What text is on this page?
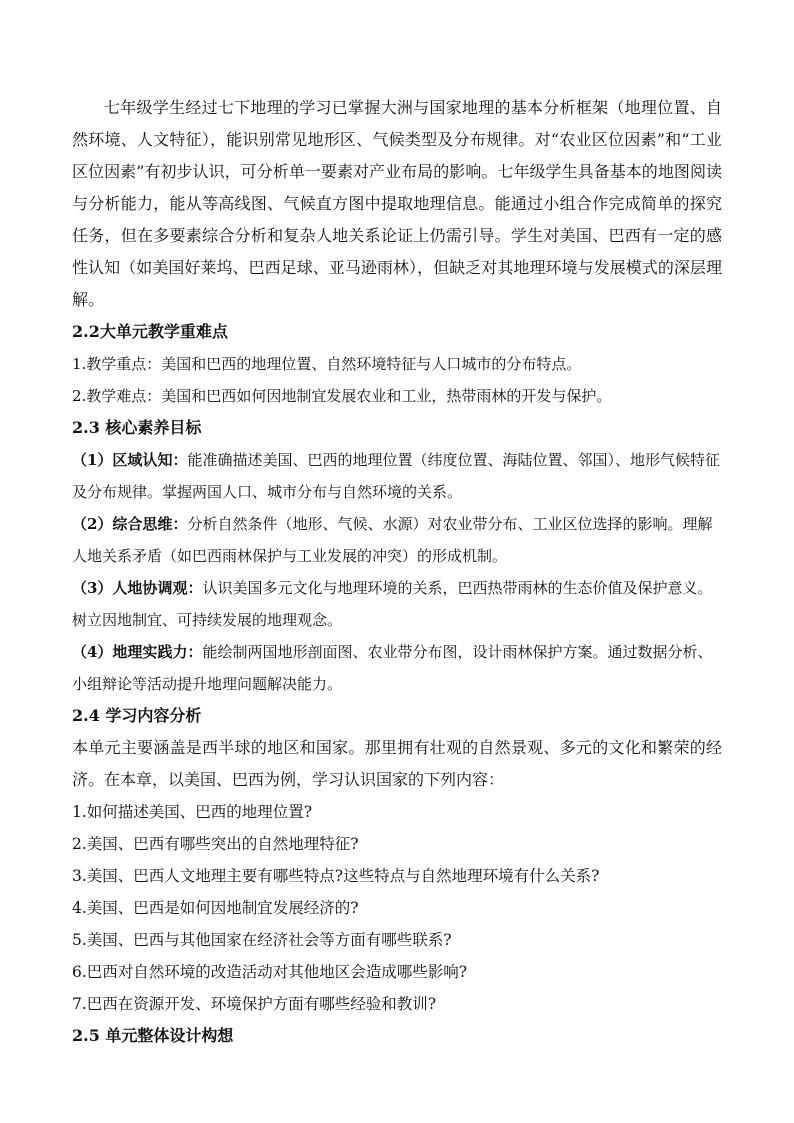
七年级学生经过七下地理的学习已掌握大洲与国家地理的基本分析框架（地理位置、自然环境、人文特征），能识别常见地形区、气候类型及分布规律。对“农业区位因素”和“工业区位因素”有初步认识，可分析单一要素对产业布局的影响。七年级学生具备基本的地图阅读与分析能力，能从等高线图、气候直方图中提取地理信息。能通过小组合作完成简单的探究任务，但在多要素综合分析和复杂人地关系论证上仍需引导。学生对美国、巴西有一定的感性认知（如美国好莱坞、巴西足球、亚马逊雨林），但缺乏对其地理环境与发展模式的深层理解。

2.2大单元教学重难点

1.教学重点：美国和巴西的地理位置、自然环境特征与人口城市的分布特点。

2.教学难点：美国和巴西如何因地制宜发展农业和工业，热带雨林的开发与保护。

2.3 核心素养目标

（1）区域认知：能准确描述美国、巴西的地理位置（纬度位置、海陆位置、邻国）、地形气候特征及分布规律。掌握两国人口、城市分布与自然环境的关系。

（2）综合思维：分析自然条件（地形、气候、水源）对农业带分布、工业区位选择的影响。理解人地关系矛盾（如巴西雨林保护与工业发展的冲突）的形成机制。

（3）人地协调观：认识美国多元文化与地理环境的关系，巴西热带雨林的生态价值及保护意义。树立因地制宜、可持续发展的地理观念。

（4）地理实践力：能绘制两国地形剖面图、农业带分布图，设计雨林保护方案。通过数据分析、小组辩论等活动提升地理问题解决能力。

2.4 学习内容分析

本单元主要涵盖是西半球的地区和国家。那里拥有壮观的自然景观、多元的文化和繁荣的经济。在本章，以美国、巴西为例，学习认识国家的下列内容：

1.如何描述美国、巴西的地理位置?

2.美国、巴西有哪些突出的自然地理特征?

3.美国、巴西人文地理主要有哪些特点?这些特点与自然地理环境有什么关系?

4.美国、巴西是如何因地制宜发展经济的?

5.美国、巴西与其他国家在经济社会等方面有哪些联系?

6.巴西对自然环境的改造活动对其他地区会造成哪些影响?

7.巴西在资源开发、环境保护方面有哪些经验和教训?

2.5 单元整体设计构想
